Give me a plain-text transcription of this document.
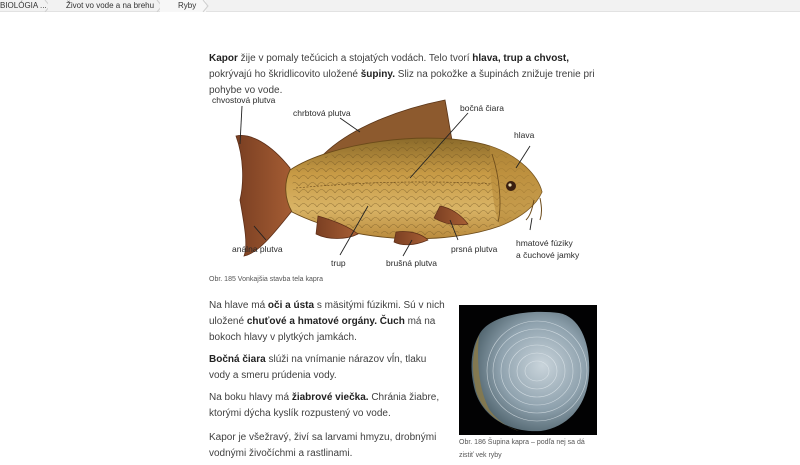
BIOLÓGIA ...	Život vo vode a na brehu	Ryby

Kapor žije v pomaly tečúcich a stojatých vodách. Telo tvorí hlava, trup a chvost, pokrývajú ho škridlicovito uložené šupiny. Sliz na pokožke a šupinách znižuje trenie pri pohybe vo vode.

chvostová plutva
chrbtová plutva	bočná čiara
hlava
análna plutva
trup	brušná plutva
prsná plutva
hmatové fúziky
a čuchové jamky
Obr. 185 Vonkajšia stavba tela kapra

Na hlave má oči a ústa s mäsitými fúzikmi. Sú v nich uložené chuťové a hmatové orgány. Čuch má na bokoch hlavy v plytkých jamkách.

Bočná čiara slúži na vnímanie nárazov vĺn, tlaku vody a smeru prúdenia vody.

Na boku hlavy má žiabrové viečka. Chránia žiabre, ktorými dýcha kyslík rozpustený vo vode.

Kapor je všežravý, živí sa larvami hmyzu, drobnými vodnými živočíchmi a rastlinami.

Obr. 186 Šupina kapra – podľa nej sa dá zistiť vek ryby
